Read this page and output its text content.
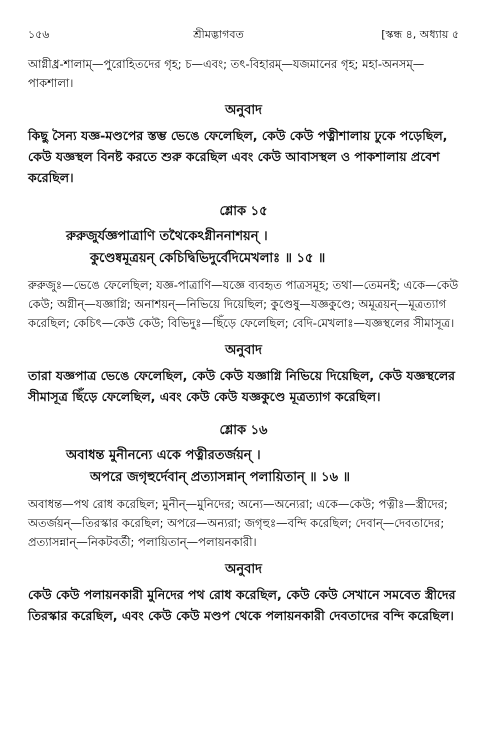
১৫৬	শ্রীমদ্ভাগবত	[স্কন্ধ ৪, অধ্যায় ৫

আগ্নীধ্র-শালাম্—পুরোহিতদের গৃহ; চ—এবং; তৎ-বিহারম্—যজমানের গৃহ; মহা-অনসম্—পাকশালা।

অনুবাদ

কিছু সৈন্য যজ্ঞ-মণ্ডপের স্তম্ভ ভেঙে ফেলেছিল, কেউ কেউ পত্নীশালায় ঢুকে পড়েছিল, কেউ যজ্ঞস্থল বিনষ্ট করতে শুরু করেছিল এবং কেউ আবাসস্থল ও পাকশালায় প্রবেশ করেছিল।

শ্লোক ১৫

রুরুজুর্যজ্ঞপাত্রাণি তথৈকেঽগ্নীননাশয়ন্ ।

কুণ্ডেষ্বমূত্রয়ন্ কেচিদ্বিভিদুর্বেদিমেখলাঃ ॥ ১৫ ॥

রুরুজুঃ—ভেঙে ফেলেছিল; যজ্ঞ-পাত্রাণি—যজ্ঞে ব্যবহৃত পাত্রসমূহ; তথা—তেমনই; একে—কেউ কেউ; অগ্নীন্—যজ্ঞাগ্নি; অনাশয়ন্—নিভিয়ে দিয়েছিল; কুণ্ডেষু—যজ্ঞকুণ্ডে; অমূত্রয়ন্—মূত্রত্যাগ করেছিল; কেচিৎ—কেউ কেউ; বিভিদুঃ—ছিঁড়ে ফেলেছিল; বেদি-মেখলাঃ—যজ্ঞস্থলের সীমাসূত্র।

অনুবাদ

তারা যজ্ঞপাত্র ভেঙে ফেলেছিল, কেউ কেউ যজ্ঞাগ্নি নিভিয়ে দিয়েছিল, কেউ যজ্ঞস্থলের সীমাসূত্র ছিঁড়ে ফেলেছিল, এবং কেউ কেউ যজ্ঞকুণ্ডে মূত্রত্যাগ করেছিল।

শ্লোক ১৬

অবাধন্ত মুনীনন্যে একে পত্নীরতর্জয়ন্ ।

অপরে জগৃহুর্দেবান্ প্রত্যাসন্নান্ পলায়িতান্ ॥ ১৬ ॥

অবাধন্ত—পথ রোধ করেছিল; মুনীন্—মুনিদের; অন্যে—অন্যেরা; একে—কেউ; পত্নীঃ—স্ত্রীদের; অতর্জয়ন্—তিরস্কার করেছিল; অপরে—অন্যরা; জগৃহুঃ—বন্দি করেছিল; দেবান্—দেবতাদের; প্রত্যাসন্নান্—নিকটবর্তী; পলায়িতান্—পলায়নকারী।

অনুবাদ

কেউ কেউ পলায়নকারী মুনিদের পথ রোধ করেছিল, কেউ কেউ সেখানে সমবেত স্ত্রীদের তিরস্কার করেছিল, এবং কেউ কেউ মণ্ডপ থেকে পলায়নকারী দেবতাদের বন্দি করেছিল।
